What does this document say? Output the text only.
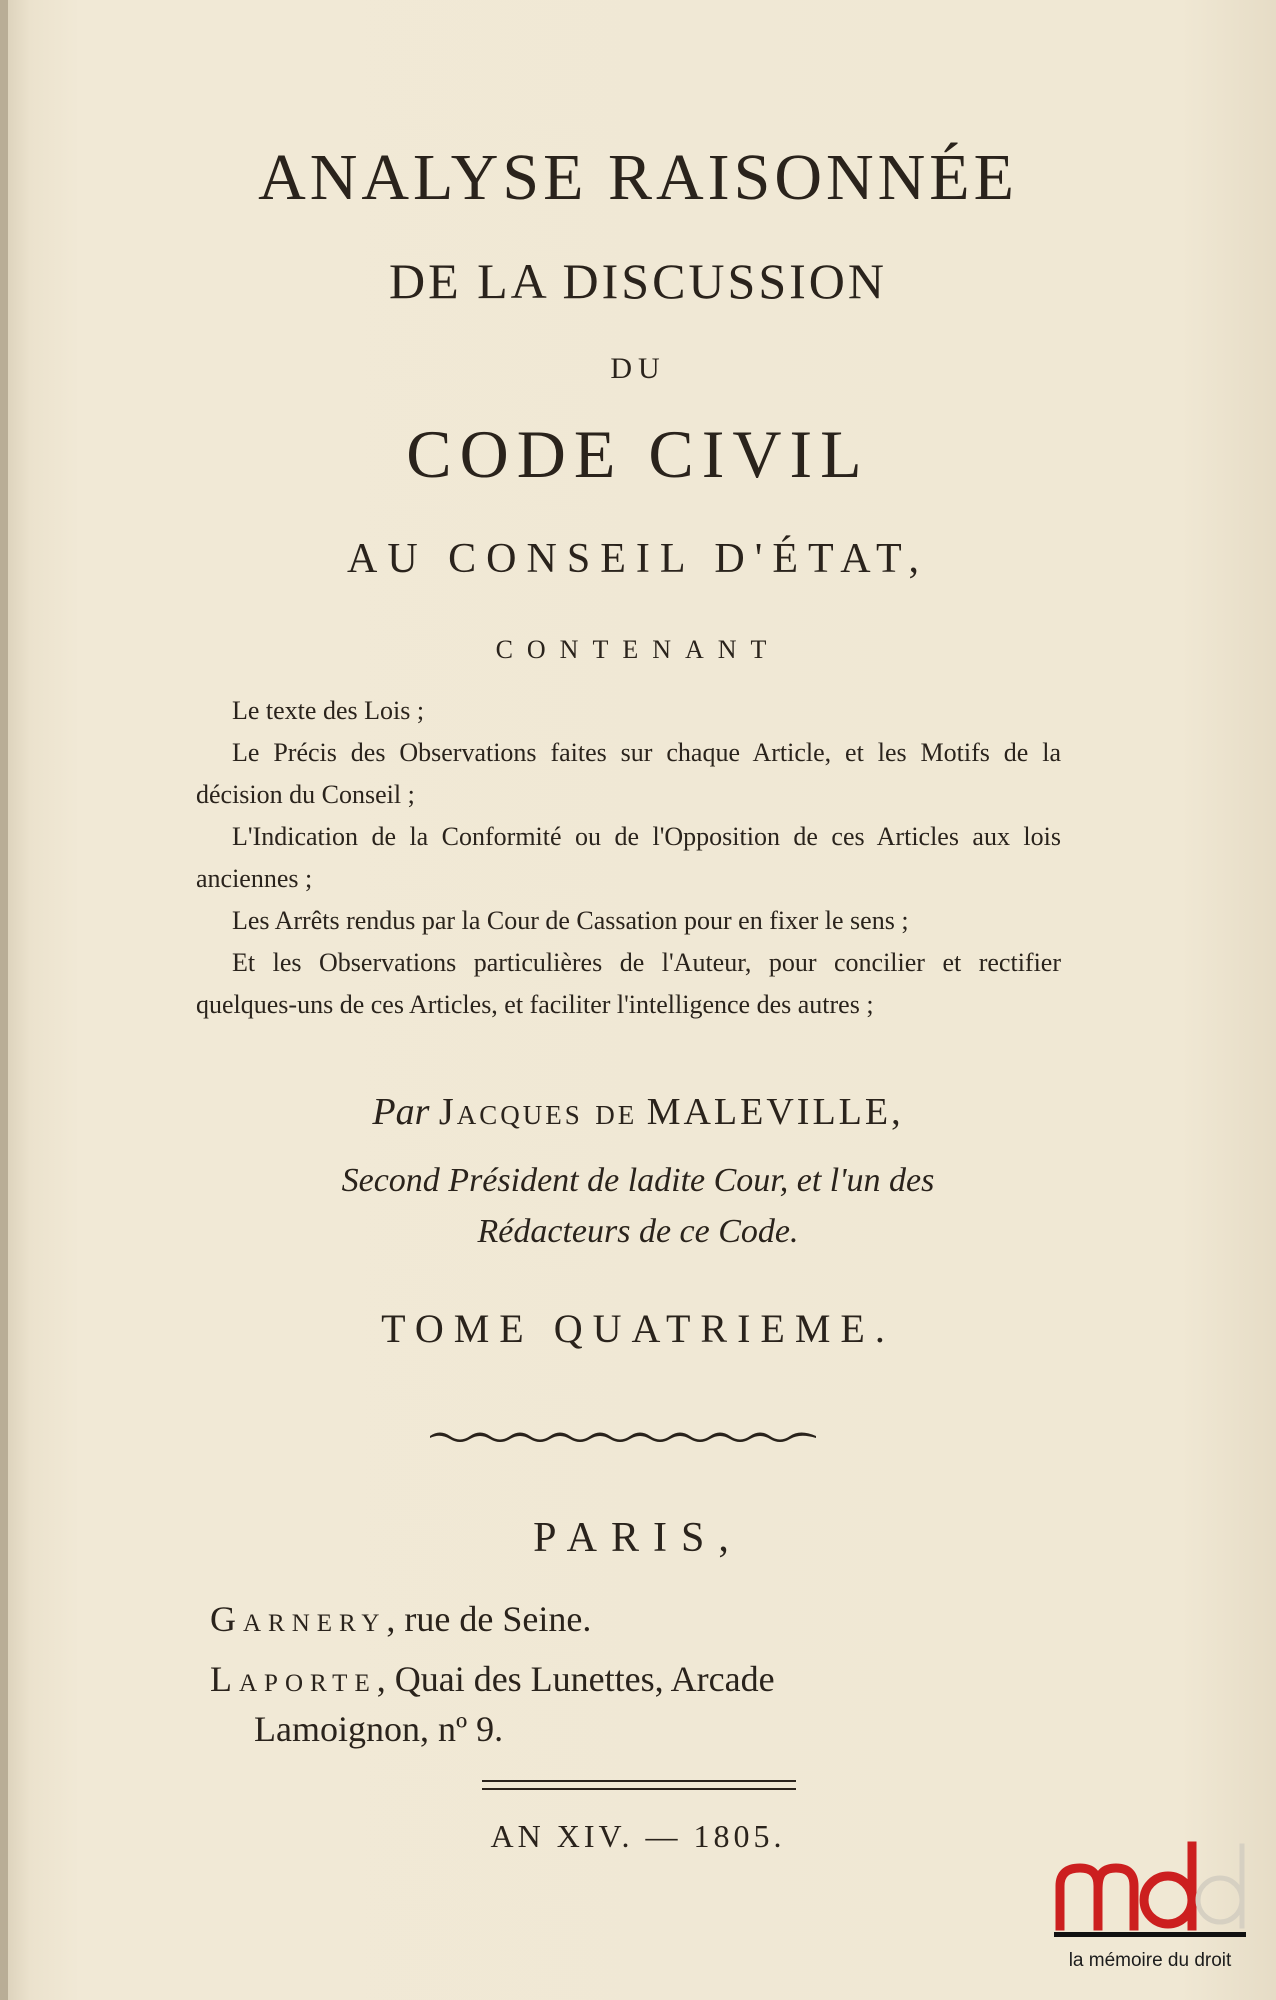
ANALYSE RAISONNÉE
DE LA DISCUSSION
DU
CODE CIVIL
AU CONSEIL D'ÉTAT,
CONTENANT
Le texte des Lois ;
Le Précis des Observations faites sur chaque Article, et les Motifs de la décision du Conseil ;
L'Indication de la Conformité ou de l'Opposition de ces Articles aux lois anciennes ;
Les Arrêts rendus par la Cour de Cassation pour en fixer le sens ;
Et les Observations particulières de l'Auteur, pour concilier et rectifier quelques-uns de ces Articles, et faciliter l'intelligence des autres ;
Par Jacques de MALEVILLE,
Second Président de ladite Cour, et l'un des
Rédacteurs de ce Code.
TOME QUATRIEME.
PARIS,
Garnery, rue de Seine.
Laporte, Quai des Lunettes, Arcade
Lamoignon, nº 9.
AN XIV. — 1805.
la mémoire du droit
